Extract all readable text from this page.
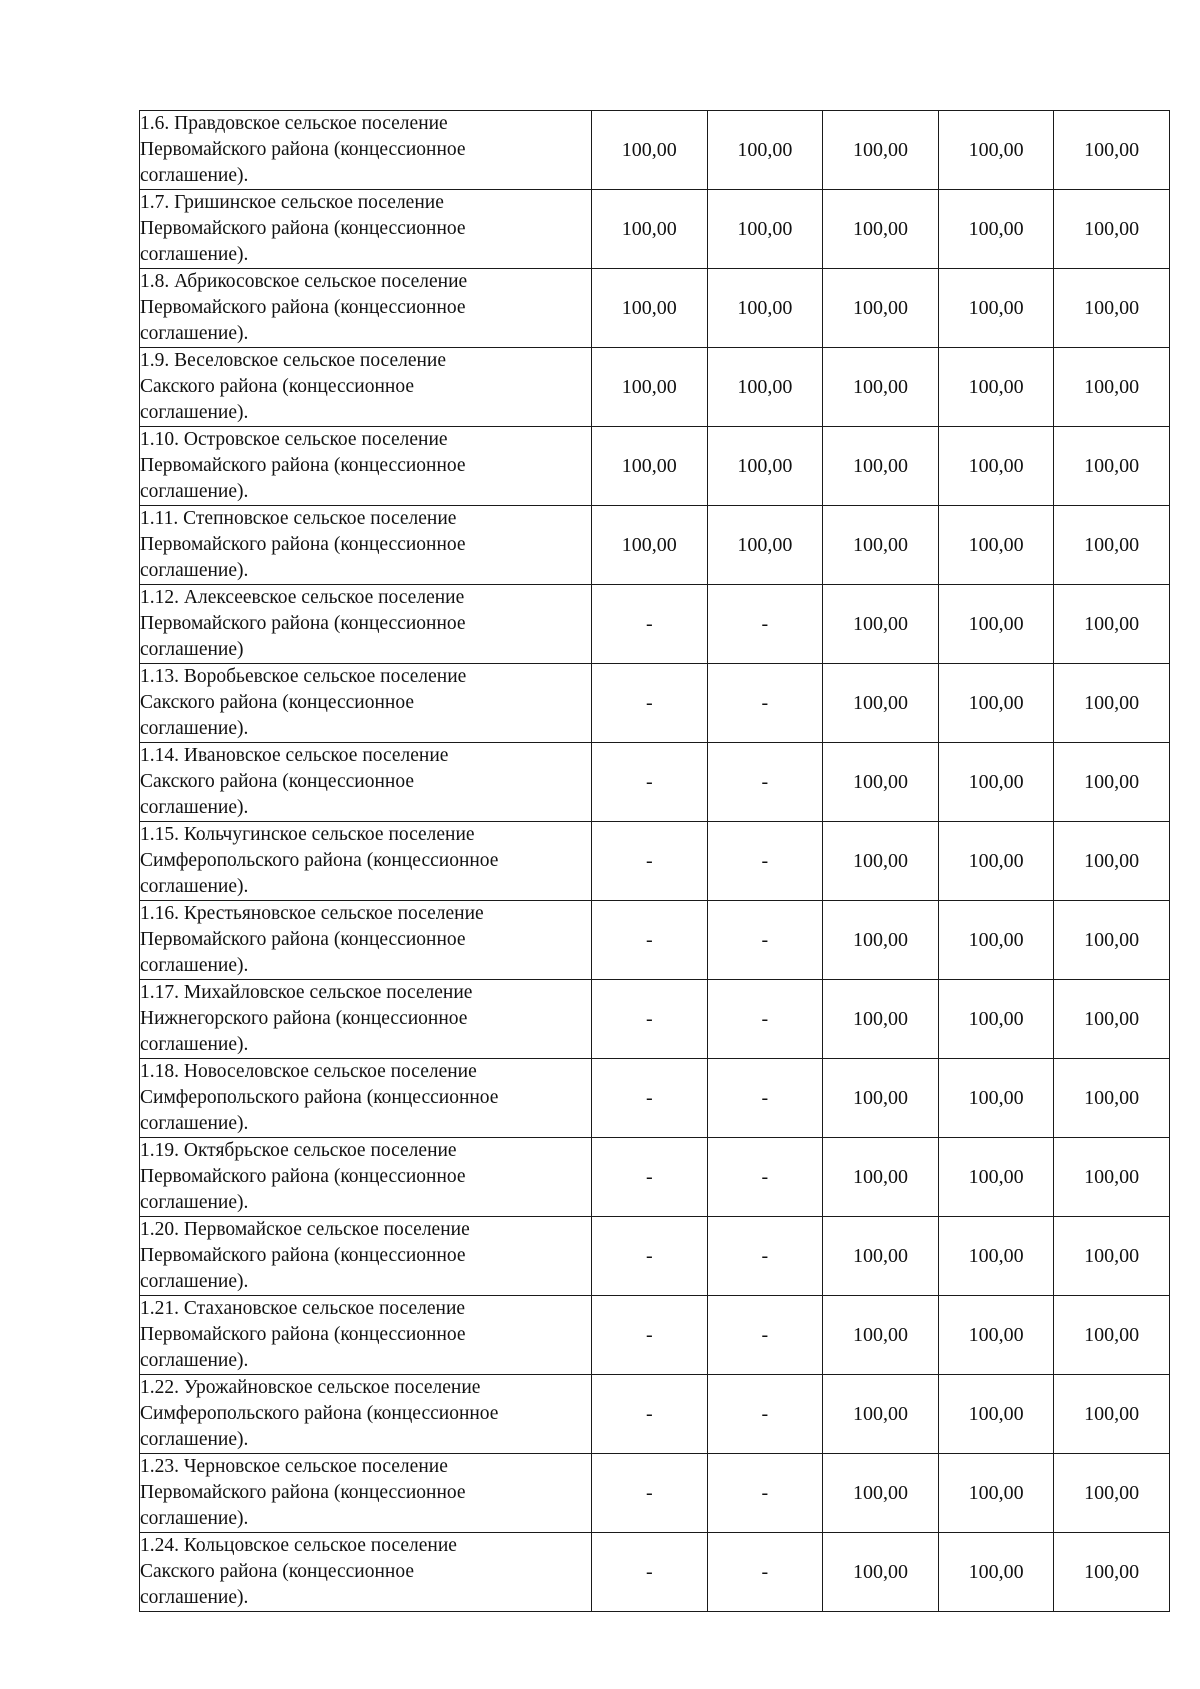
1.6. Правдовское сельское поселение
Первомайского района (концессионное
соглашение).	100,00	100,00	100,00	100,00	100,00
1.7. Гришинское сельское поселение
Первомайского района (концессионное
соглашение).	100,00	100,00	100,00	100,00	100,00
1.8. Абрикосовское сельское поселение
Первомайского района (концессионное
соглашение).	100,00	100,00	100,00	100,00	100,00
1.9. Веселовское сельское поселение
Сакского района (концессионное
соглашение).	100,00	100,00	100,00	100,00	100,00
1.10. Островское сельское поселение
Первомайского района (концессионное
соглашение).	100,00	100,00	100,00	100,00	100,00
1.11. Степновское сельское поселение
Первомайского района (концессионное
соглашение).	100,00	100,00	100,00	100,00	100,00
1.12. Алексеевское сельское поселение
Первомайского района (концессионное
соглашение)	-	-	100,00	100,00	100,00
1.13. Воробьевское сельское поселение
Сакского района (концессионное
соглашение).	-	-	100,00	100,00	100,00
1.14. Ивановское сельское поселение
Сакского района (концессионное
соглашение).	-	-	100,00	100,00	100,00
1.15. Кольчугинское сельское поселение
Симферопольского района (концессионное
соглашение).	-	-	100,00	100,00	100,00
1.16. Крестьяновское сельское поселение
Первомайского района (концессионное
соглашение).	-	-	100,00	100,00	100,00
1.17. Михайловское сельское поселение
Нижнегорского района (концессионное
соглашение).	-	-	100,00	100,00	100,00
1.18. Новоселовское сельское поселение
Симферопольского района (концессионное
соглашение).	-	-	100,00	100,00	100,00
1.19. Октябрьское сельское поселение
Первомайского района (концессионное
соглашение).	-	-	100,00	100,00	100,00
1.20. Первомайское сельское поселение
Первомайского района (концессионное
соглашение).	-	-	100,00	100,00	100,00
1.21. Стахановское сельское поселение
Первомайского района (концессионное
соглашение).	-	-	100,00	100,00	100,00
1.22. Урожайновское сельское поселение
Симферопольского района (концессионное
соглашение).	-	-	100,00	100,00	100,00
1.23. Черновское сельское поселение
Первомайского района (концессионное
соглашение).	-	-	100,00	100,00	100,00
1.24. Кольцовское сельское поселение
Сакского района (концессионное
соглашение).	-	-	100,00	100,00	100,00
